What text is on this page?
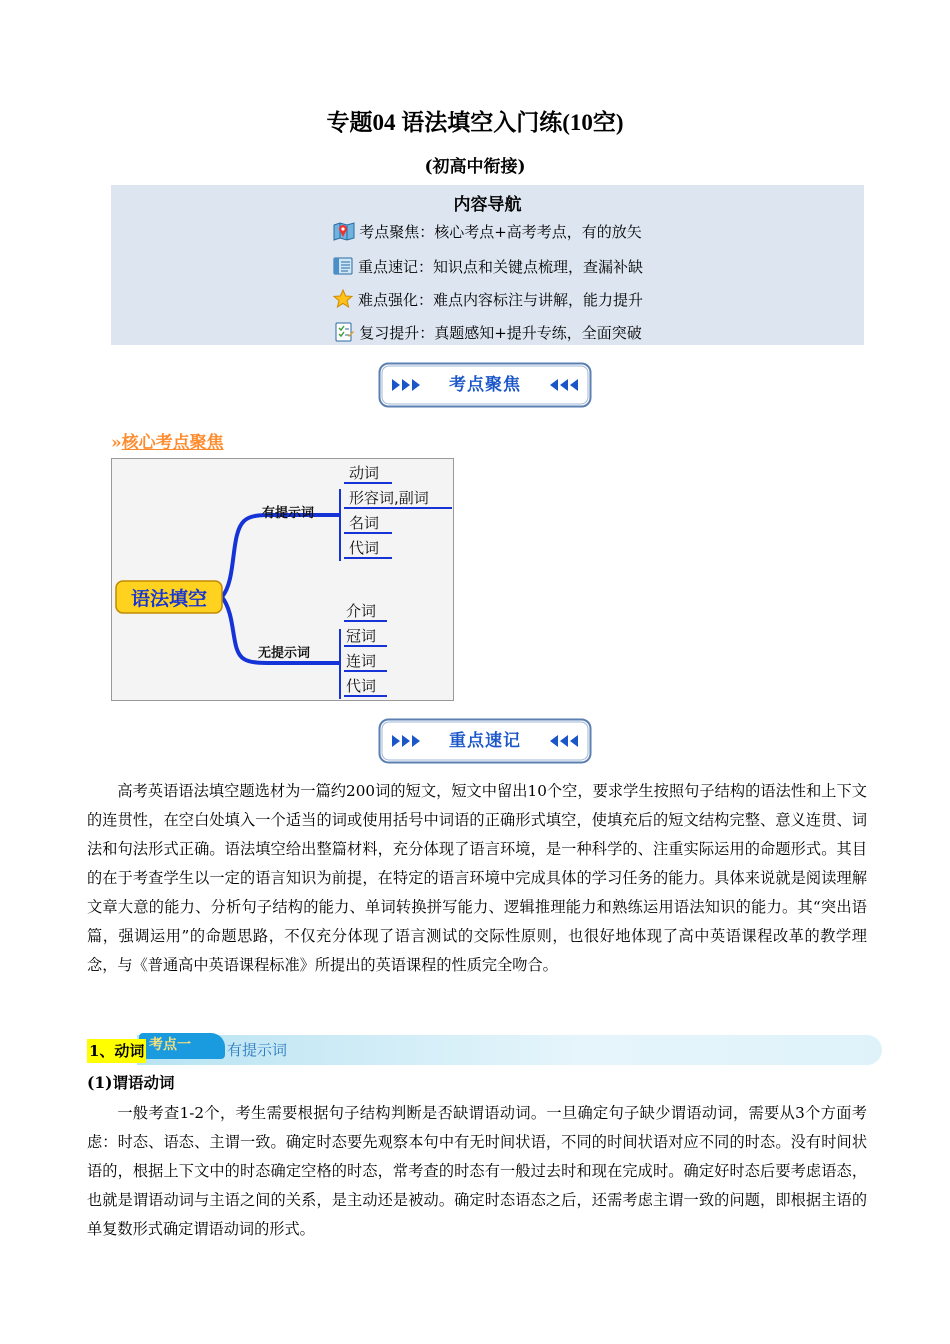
专题04 语法填空入门练(10空)
(初高中衔接)
内容导航
考点聚焦：核心考点+高考考点，有的放矢
重点速记：知识点和关键点梳理，查漏补缺
难点强化：难点内容标注与讲解，能力提升
复习提升：真题感知+提升专练，全面突破
考点聚焦
»核心考点聚焦
语法填空
有提示词
无提示词
动词
形容词,副词
名词
代词
介词
冠词
连词
代词
重点速记

高考英语语法填空题选材为一篇约200词的短文，短文中留出10个空，要求学生按照句子结构的语法性和上下文的连贯性，在空白处填入一个适当的词或使用括号中词语的正确形式填空，使填充后的短文结构完整、意义连贯、词法和句法形式正确。语法填空给出整篇材料，充分体现了语言环境，是一种科学的、注重实际运用的命题形式。其目的在于考查学生以一定的语言知识为前提，在特定的语言环境中完成具体的学习任务的能力。具体来说就是阅读理解文章大意的能力、分析句子结构的能力、单词转换拼写能力、逻辑推理能力和熟练运用语法知识的能力。其“突出语篇，强调运用”的命题思路，不仅充分体现了语言测试的交际性原则，也很好地体现了高中英语课程改革的教学理念，与《普通高中英语课程标准》所提出的英语课程的性质完全吻合。

考点一
1、动词	有提示词
(1)谓语动词

一般考查1-2个，考生需要根据句子结构判断是否缺谓语动词。一旦确定句子缺少谓语动词，需要从3个方面考虑：时态、语态、主谓一致。确定时态要先观察本句中有无时间状语，不同的时间状语对应不同的时态。没有时间状语的，根据上下文中的时态确定空格的时态，常考查的时态有一般过去时和现在完成时。确定好时态后要考虑语态，也就是谓语动词与主语之间的关系，是主动还是被动。确定时态语态之后，还需考虑主谓一致的问题，即根据主语的单复数形式确定谓语动词的形式。
